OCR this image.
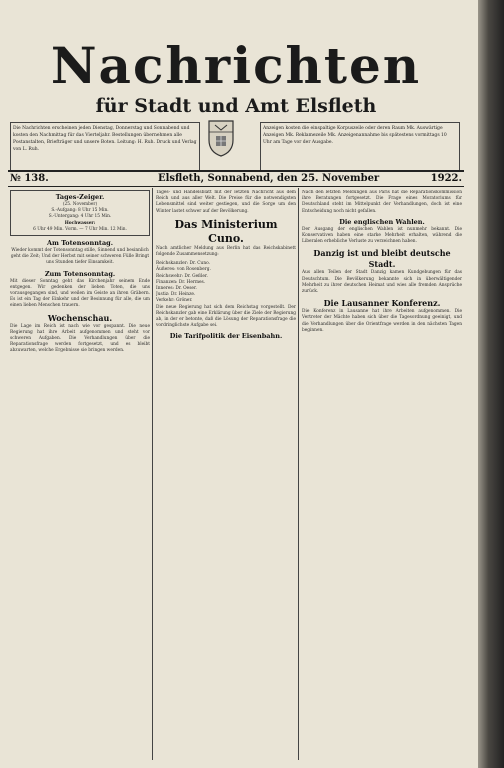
Nachrichten
für Stadt und Amt Elsfleth
Die Nachrichten erscheinen jeden Dienstag, Donnerstag und Sonnabend und kosten den Nachmittag für das Vierteljahr. Bestellungen übernehmen alle Postanstalten, Briefträger und unsere Boten. Leitung: H. Ruh. Druck und Verlag von L. Ruh.
Anzeigen kosten die einspaltige Korpuszeile oder deren Raum Mk. Auswärtige Anzeigen Mk. Reklamezeile Mk. Anzeigenannahme bis spätestens vormittags 10 Uhr am Tage vor der Ausgabe.
№ 138.	Elsfleth, Sonnabend, den 25. November	1922.
Tages-Zeiger.
(25. November)
S.-Aufgang: 8 Uhr 15 Min.
S.-Untergang: 4 Uhr 15 Min.
Hochwasser:
6 Uhr 49 Min. Vorm. — 7 Uhr Min. 12 Min.
Am Totensonntag.

Wieder kommt der Totensonntag stille, Sinnend und besinnlich geht die Zeit; Und der Herbst mit seiner schweren Fülle Bringt uns Stunden tiefer Einsamkeit.

Zum Totensonntag.

Mit dieser Sonntag geht das Kirchenjahr seinem Ende entgegen. Wir gedenken der lieben Toten, die uns vorausgegangen sind, und weilen im Geiste an ihren Gräbern. Es ist ein Tag der Einkehr und der Besinnung für alle, die um einen lieben Menschen trauern.

Wochenschau.

Die Lage im Reich ist nach wie vor gespannt. Die neue Regierung hat ihre Arbeit aufgenommen und steht vor schweren Aufgaben. Die Verhandlungen über die Reparationsfrage werden fortgesetzt, und es bleibt abzuwarten, welche Ergebnisse sie bringen werden.

Tages- und Handelsblatt mit der letzten Nachricht aus dem Reich und aus aller Welt. Die Preise für die notwendigsten Lebensmittel sind weiter gestiegen, und die Sorge um den Winter lastet schwer auf der Bevölkerung.

Das Ministerium Cuno.

Nach amtlicher Meldung aus Berlin hat das Reichskabinett folgende Zusammensetzung:

Reichskanzler: Dr. Cuno.
Äußeres: von Rosenberg.
Reichswehr: Dr. Geßler.
Finanzen: Dr. Hermes.
Inneres: Dr. Oeser.
Justiz: Dr. Heinze.
Verkehr: Gröner.

Die neue Regierung hat sich dem Reichstag vorgestellt. Der Reichskanzler gab eine Erklärung über die Ziele der Regierung ab, in der er betonte, daß die Lösung der Reparationsfrage die vordringlichste Aufgabe sei.

Die Tarifpolitik der Eisenbahn.

Nach den letzten Meldungen aus Paris hat die Reparationskommission ihre Beratungen fortgesetzt. Die Frage eines Moratoriums für Deutschland steht im Mittelpunkt der Verhandlungen, doch ist eine Entscheidung noch nicht gefallen.

Die englischen Wahlen.

Der Ausgang der englischen Wahlen ist nunmehr bekannt. Die Konservativen haben eine starke Mehrheit erhalten, während die Liberalen erhebliche Verluste zu verzeichnen haben.

Danzig ist und bleibt deutsche Stadt.

Aus allen Teilen der Stadt Danzig kamen Kundgebungen für das Deutschtum. Die Bevölkerung bekannte sich in überwältigender Mehrheit zu ihrer deutschen Heimat und wies alle fremden Ansprüche zurück.

Die Lausanner Konferenz.

Die Konferenz in Lausanne hat ihre Arbeiten aufgenommen. Die Vertreter der Mächte haben sich über die Tagesordnung geeinigt, und die Verhandlungen über die Orientfrage werden in den nächsten Tagen beginnen.
